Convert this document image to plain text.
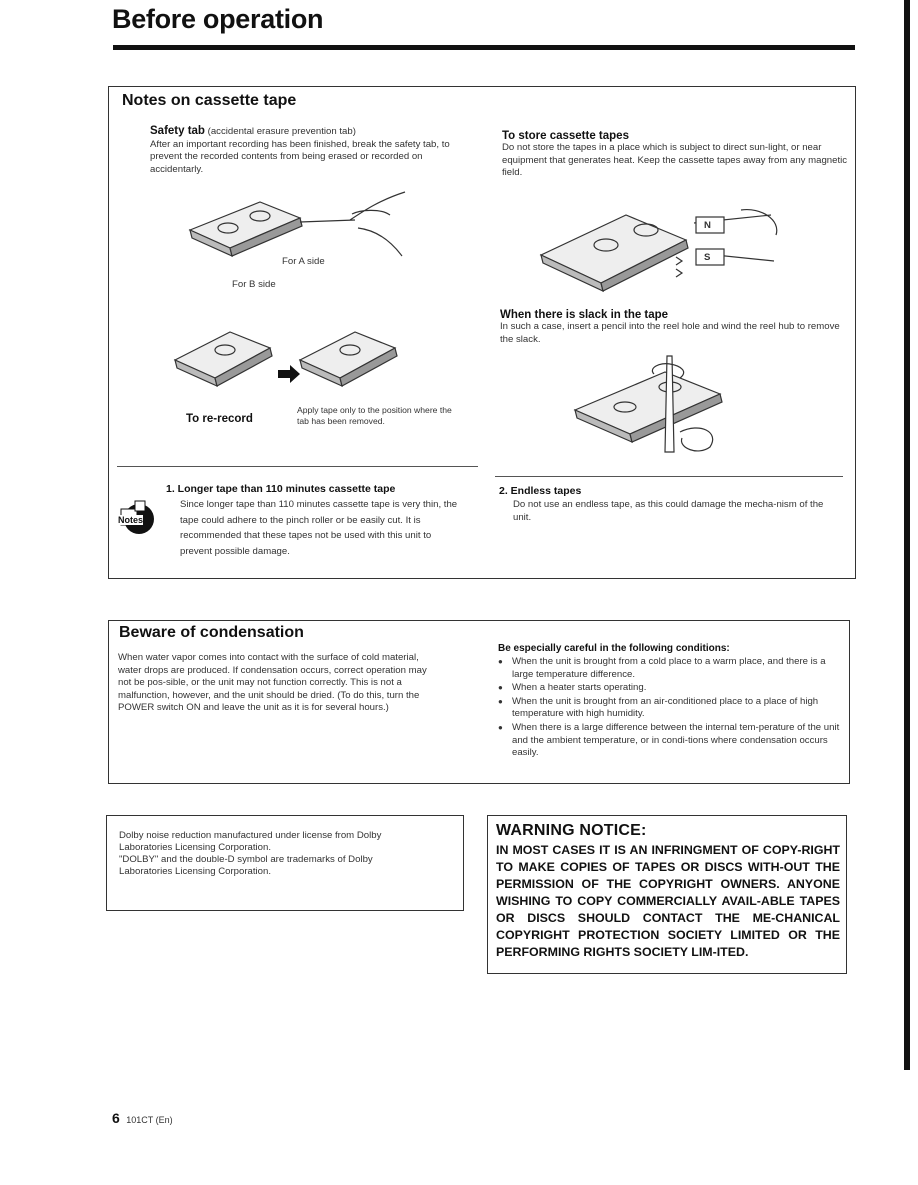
Before operation
Notes on cassette tape
Safety tab (accidental erasure prevention tab)
After an important recording has been finished, break the safety tab, to prevent the recorded contents from being erased or recorded on accidentarly.
For A side
For B side
To re-record
Apply tape only to the position where the tab has been removed.
To store cassette tapes
Do not store the tapes in a place which is subject to direct sun-light, or near equipment that generates heat. Keep the cassette tapes away from any magnetic field.
N
S
When there is slack in the tape
In such a case, insert a pencil into the reel hole and wind the reel hub to remove the slack.
Notes
1. Longer tape than 110 minutes cassette tape
Since longer tape than 110 minutes cassette tape is very thin, the tape could adhere to the pinch roller or be easily cut. It is recommended that these tapes not be used with this unit to prevent possible damage.
2. Endless tapes
Do not use an endless tape, as this could damage the mecha-nism of the unit.
Beware of condensation
When water vapor comes into contact with the surface of cold material, water drops are produced. If condensation occurs, correct operation may not be pos-sible, or the unit may not function correctly. This is not a malfunction, however, and the unit should be dried. (To do this, turn the POWER switch ON and leave the unit as it is for several hours.)
Be especially careful in the following conditions:
● When the unit is brought from a cold place to a warm place, and there is a large temperature difference.
● When a heater starts operating.
● When the unit is brought from an air-conditioned place to a place of high temperature with high humidity.
● When there is a large difference between the internal tem-perature of the unit and the ambient temperature, or in condi-tions where condensation occurs easily.
Dolby noise reduction manufactured under license from Dolby
Laboratories Licensing Corporation.
"DOLBY" and the double-D symbol are trademarks of Dolby
Laboratories Licensing Corporation.
WARNING NOTICE:
IN MOST CASES IT IS AN INFRINGMENT OF COPY-RIGHT TO MAKE COPIES OF TAPES OR DISCS WITH-OUT THE PERMISSION OF THE COPYRIGHT OWNERS. ANYONE WISHING TO COPY COMMERCIALLY AVAIL-ABLE TAPES OR DISCS SHOULD CONTACT THE ME-CHANICAL COPYRIGHT PROTECTION SOCIETY LIMITED OR THE PERFORMING RIGHTS SOCIETY LIM-ITED.
6 101CT (En)
